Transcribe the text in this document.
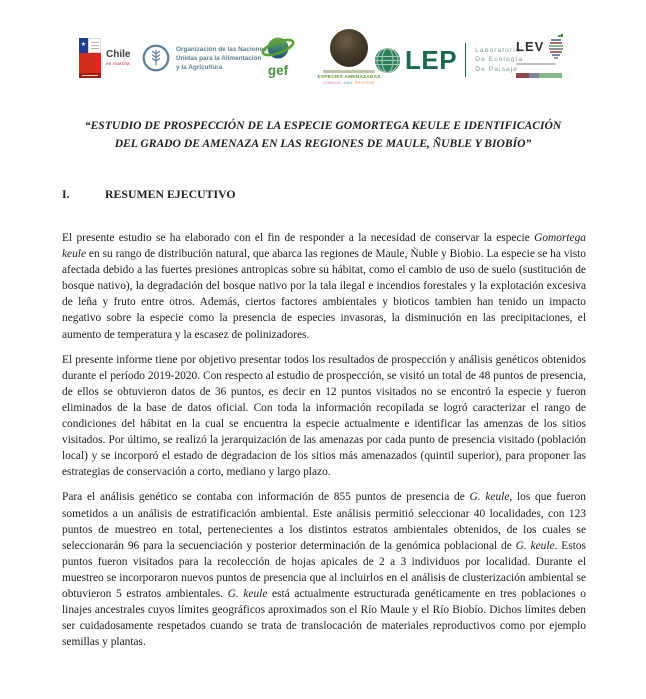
★
Chile
en marcha
Organización de las Naciones
Unidas para la Alimentación
y la Agricultura	gef	ESPECIES AMENAZADAS
CONOCE, AMA, PROTEGE
LEP	Laboratorio
De Ecología
De Paisaje
LEV
“ESTUDIO DE PROSPECCIÓN DE LA ESPECIE GOMORTEGA KEULE E IDENTIFICACIÓN DEL GRADO DE AMENAZA EN LAS REGIONES DE MAULE, ÑUBLE Y BIOBÍO”
I.	RESUMEN EJECUTIVO

El presente estudio se ha elaborado con el fin de responder a la necesidad de conservar la especie Gomortega keule en su rango de distribución natural, que abarca las regiones de Maule, Ñuble y Biobio. La especie se ha visto afectada debido a las fuertes presiones antropicas sobre su hábitat, como el cambio de uso de suelo (sustitución de bosque nativo), la degradación del bosque nativo por la tala ilegal e incendios forestales y la explotación excesiva de leña y fruto entre otros. Además, ciertos factores ambientales y bioticos tambien han tenido un impacto negativo sobre la especie como la presencia de especies invasoras, la disminución en las precipitaciones, el aumento de temperatura y la escasez de polinizadores.

El presente informe tiene por objetivo presentar todos los resultados de prospección y análisis genéticos obtenidos durante el período 2019-2020. Con respecto al estudio de prospección, se visitó un total de 48 puntos de presencia, de ellos se obtuvieron datos de 36 puntos, es decir en 12 puntos visitados no se encontró la especie y fueron eliminados de la base de datos oficial. Con toda la información recopilada se logró caracterizar el rango de condiciones del hábitat en la cual se encuentra la especie actualmente e identificar las amenzas de los sitios visitados. Por último, se realizó la jerarquización de las amenazas por cada punto de presencia visitado (población local) y se incorporó el estado de degradacion de los sitios más amenazados (quintil superior), para proponer las estrategias de conservación a corto, mediano y largo plazo.

Para el análisis genético se contaba con información de 855 puntos de presencia de G. keule, los que fueron sometidos a un análisis de estratificación ambiental. Este análisis permitió seleccionar 40 localidades, con 123 puntos de muestreo en total, pertenecientes a los distintos estratos ambientales obtenidos, de los cuales se seleccionarán 96 para la secuenciación y posterior determinación de la genómica poblacional de G. keule. Estos puntos fueron visitados para la recolección de hojas apicales de 2 a 3 individuos por localidad. Durante el muestreo se incorporaron nuevos puntos de presencia que al incluirlos en el análisis de clusterización ambiental se obtuvieron 5 estratos ambientales. G. keule está actualmente estructurada genéticamente en tres poblaciones o linajes ancestrales cuyos límites geográficos aproximados son el Río Maule y el Río Biobío. Dichos límites deben ser cuidadosamente respetados cuando se trata de translocación de materiales reproductivos como por ejemplo semillas y plantas.
